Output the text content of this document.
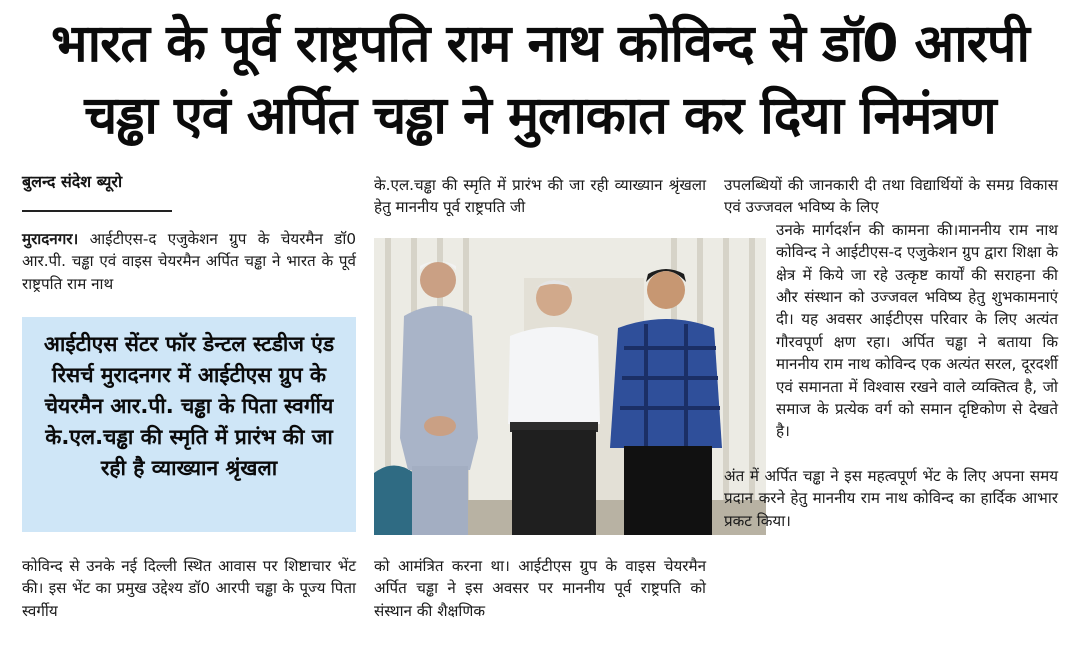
भारत के पूर्व राष्ट्रपति राम नाथ कोविन्द से डॉ0 आरपी
चड्ढा एवं अर्पित चड्ढा ने मुलाकात कर दिया निमंत्रण
बुलन्द संदेश ब्यूरो

मुरादनगर। आईटीएस-द एजुकेशन ग्रुप के चेयरमैन डॉ0 आर.पी. चड्ढा एवं वाइस चेयरमैन अर्पित चड्ढा ने भारत के पूर्व राष्ट्रपति राम नाथ

आईटीएस सेंटर फॉर डेन्टल स्टडीज एंड रिसर्च मुरादनगर में आईटीएस ग्रुप के चेयरमैन आर.पी. चड्ढा के पिता स्वर्गीय के.एल.चड्ढा की स्मृति में प्रारंभ की जा रही है व्याख्यान श्रृंखला

कोविन्द से उनके नई दिल्ली स्थित आवास पर शिष्टाचार भेंट की। इस भेंट का प्रमुख उद्देश्य डॉ0 आरपी चड्ढा के पूज्य पिता स्वर्गीय

के.एल.चड्ढा की स्मृति में प्रारंभ की जा रही व्याख्यान श्रृंखला हेतु माननीय पूर्व राष्ट्रपति जी

को आमंत्रित करना था। आईटीएस ग्रुप के वाइस चेयरमैन अर्पित चड्ढा ने इस अवसर पर माननीय पूर्व राष्ट्रपति को संस्थान की शैक्षणिक

उपलब्धियों की जानकारी दी तथा विद्यार्थियों के समग्र विकास एवं उज्जवल भविष्य के लिए

उनके मार्गदर्शन की कामना की।माननीय राम नाथ कोविन्द ने आईटीएस-द एजुकेशन ग्रुप द्वारा शिक्षा के क्षेत्र में किये जा रहे उत्कृष्ट कार्यों की सराहना की और संस्थान को उज्जवल भविष्य हेतु शुभकामनाएं दी। यह अवसर आईटीएस परिवार के लिए अत्यंत गौरवपूर्ण क्षण रहा। अर्पित चड्ढा ने बताया कि माननीय राम नाथ कोविन्द एक अत्यंत सरल, दूरदर्शी एवं समानता में विश्वास रखने वाले व्यक्तित्व है, जो समाज के प्रत्येक वर्ग को समान दृष्टिकोण से देखते है।

अंत में अर्पित चड्ढा ने इस महत्वपूर्ण भेंट के लिए अपना समय प्रदान करने हेतु माननीय राम नाथ कोविन्द का हार्दिक आभार प्रकट किया।
